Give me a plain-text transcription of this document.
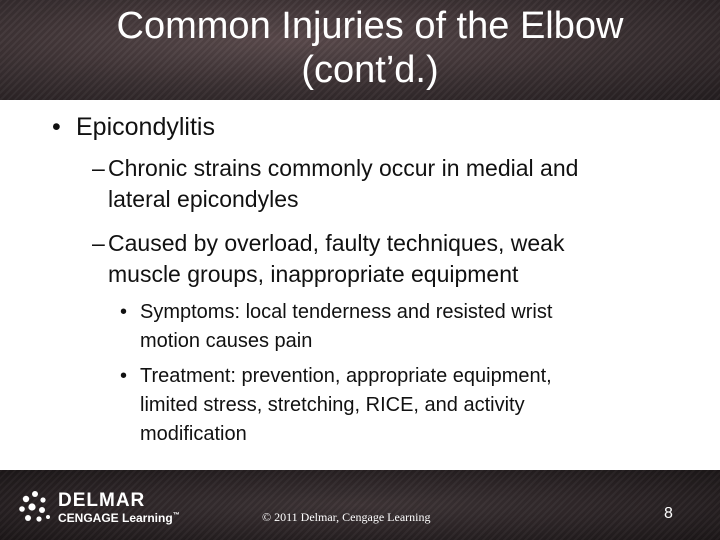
Common Injuries of the Elbow
(cont’d.)
• Epicondylitis
– Chronic strains commonly occur in medial and
lateral epicondyles
– Caused by overload, faulty techniques, weak
muscle groups, inappropriate equipment
• Symptoms: local tenderness and resisted wrist
motion causes pain
• Treatment: prevention, appropriate equipment,
limited stress, stretching, RICE, and activity
modification
DELMAR
CENGAGE Learning™	© 2011 Delmar, Cengage Learning	8
